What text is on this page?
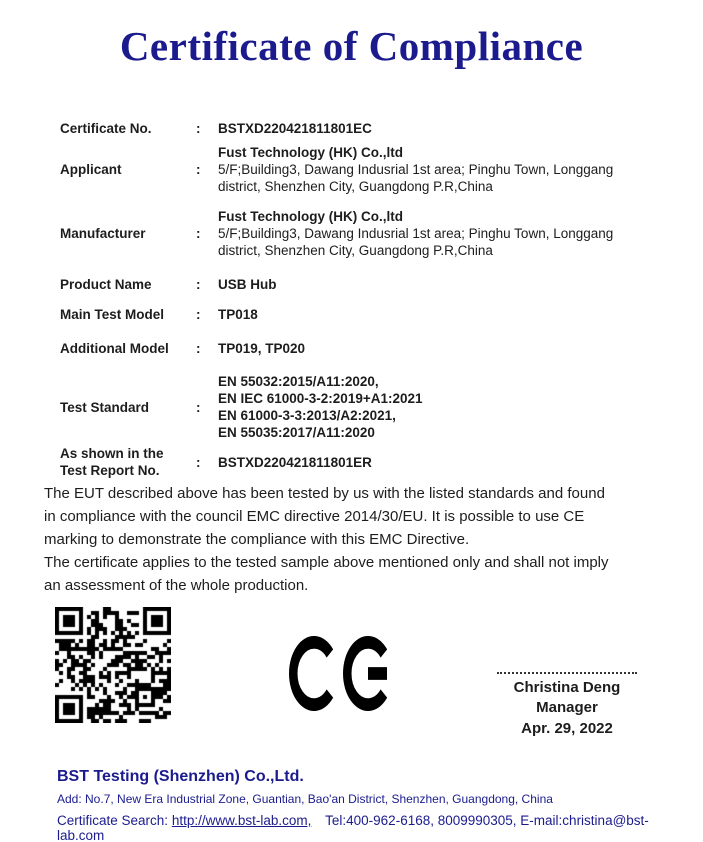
Certificate of Compliance
Certificate No.	:	BSTXD220421811801EC
Applicant	:
Fust Technology (HK) Co.,ltd
5/F;Building3, Dawang Indusrial 1st area; Pinghu Town, Longgang
district, Shenzhen City, Guangdong P.R,China
Manufacturer	:
Fust Technology (HK) Co.,ltd
5/F;Building3, Dawang Indusrial 1st area; Pinghu Town, Longgang
district, Shenzhen City, Guangdong P.R,China
Product Name	:	USB Hub
Main Test Model	:	TP018
Additional Model	:	TP019, TP020
Test Standard	:
EN 55032:2015/A11:2020,
EN IEC 61000-3-2:2019+A1:2021
EN 61000-3-3:2013/A2:2021,
EN 55035:2017/A11:2020
As shown in the
Test Report No.
:	BSTXD220421811801ER
The EUT described above has been tested by us with the listed standards and found
in compliance with the council EMC directive 2014/30/EU. It is possible to use CE
marking to demonstrate the compliance with this EMC Directive.
The certificate applies to the tested sample above mentioned only and shall not imply
an assessment of the whole production.
Christina Deng
Manager
Apr. 29, 2022
BST Testing (Shenzhen) Co.,Ltd.
Add: No.7, New Era Industrial Zone, Guantian, Bao'an District, Shenzhen, Guangdong, China
Certificate Search: http://www.bst-lab.com, Tel:400-962-6168, 8009990305, E-mail:christina@bst-lab.com
